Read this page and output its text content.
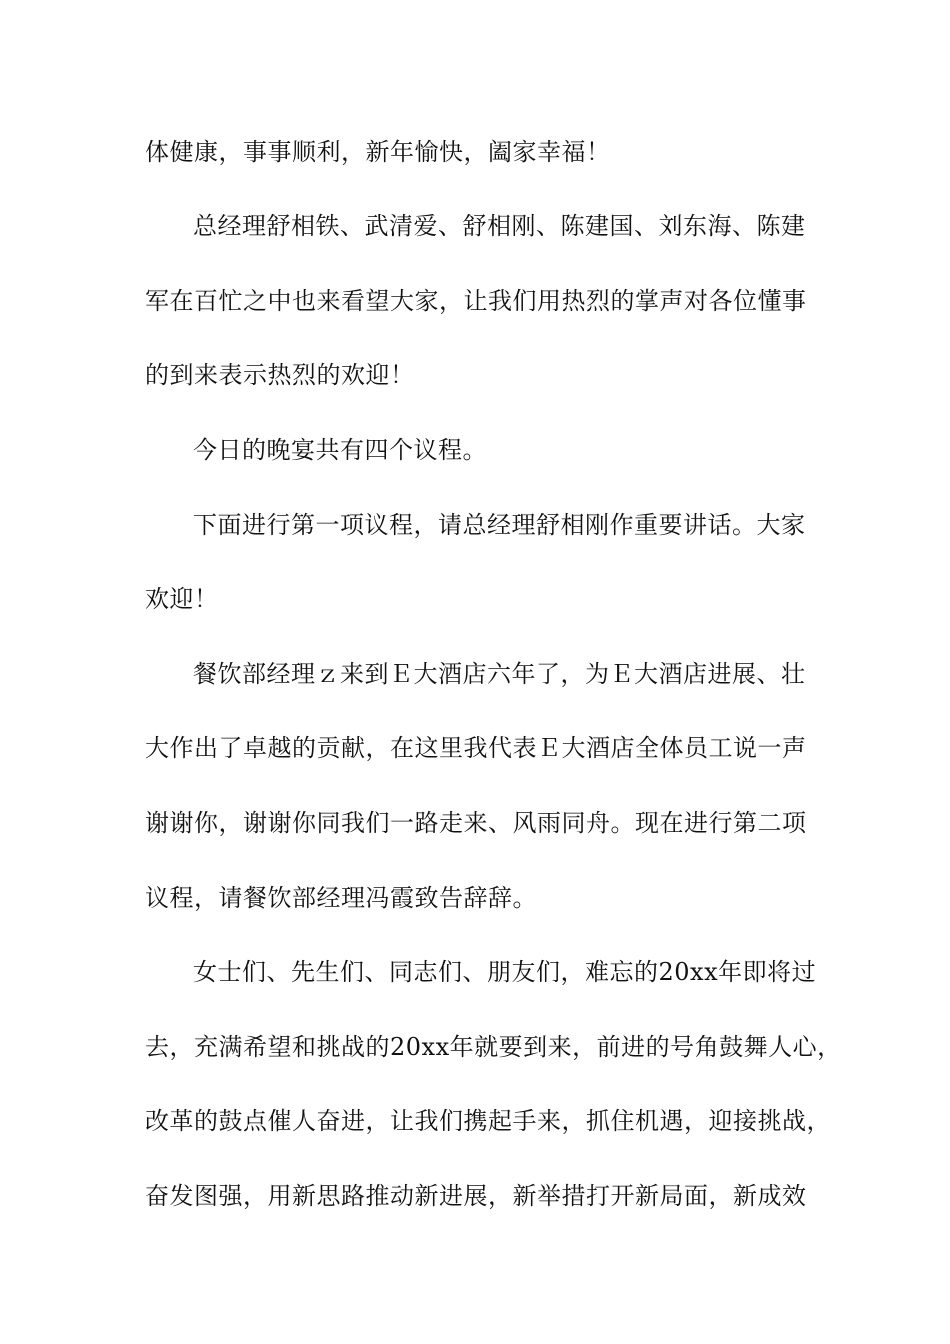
体健康，事事顺利，新年愉快，阖家幸福！
总经理舒相铁、武清爱、舒相刚、陈建国、刘东海、陈建
军在百忙之中也来看望大家，让我们用热烈的掌声对各位懂事
的到来表示热烈的欢迎！
今日的晚宴共有四个议程。
下面进行第一项议程，请总经理舒相刚作重要讲话。大家
欢迎！
餐饮部经理ｚ来到Ｅ大酒店六年了，为Ｅ大酒店进展、壮
大作出了卓越的贡献，在这里我代表Ｅ大酒店全体员工说一声
谢谢你，谢谢你同我们一路走来、风雨同舟。现在进行第二项
议程，请餐饮部经理冯霞致告辞辞。
女士们、先生们、同志们、朋友们，难忘的20xx年即将过
去，充满希望和挑战的20xx年就要到来，前进的号角鼓舞人心，
改革的鼓点催人奋进，让我们携起手来，抓住机遇，迎接挑战，
奋发图强，用新思路推动新进展，新举措打开新局面，新成效
